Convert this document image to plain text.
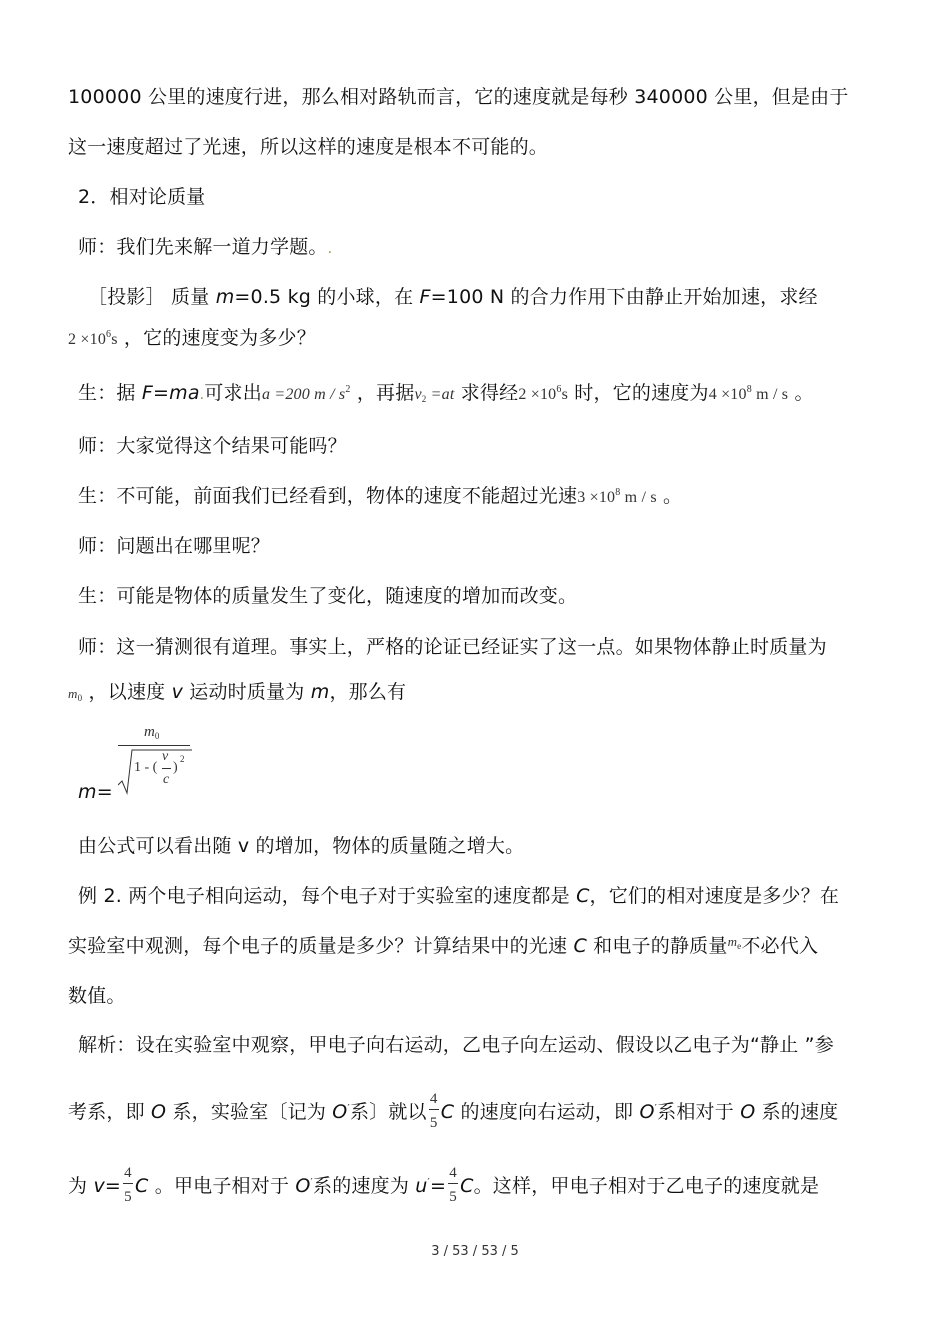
100000 公里的速度行进，那么相对路轨而言，它的速度就是每秒 340000 公里，但是由于
这一速度超过了光速，所以这样的速度是根本不可能的。
2．相对论质量
师：我们先来解一道力学题。.
［投影］ 质量 m=0.5 kg 的小球，在 F=100 N 的合力作用下由静止开始加速，求经
$2 \times 10^6s$ ，它的速度变为多少？
生：据 F=ma.可求出a =200 m / $s^2$ ，再据$v_2 =at$ 求得经$2 \times 10^6s$ 时，它的速度为$4 \times 10^8$ m / s 。
师：大家觉得这个结果可能吗？
生：不可能，前面我们已经看到，物体的速度不能超过光速$3 \times 10^8$ m / s 。
师：问题出在哪里呢？
生：可能是物体的质量发生了变化，随速度的增加而改变。
师：这一猜测很有道理。事实上，严格的论证已经证实了这一点。如果物体静止时质量为
$m_0$ ，以速度 v 运动时质量为 m，那么有
m=
$m_0$
1 - (
v
c
)
2
由公式可以看出随 v 的增加，物体的质量随之增大。
例 2. 两个电子相向运动，每个电子对于实验室的速度都是 C，它们的相对速度是多少？在
实验室中观测，每个电子的质量是多少？计算结果中的光速 C 和电子的静质量$^{m_e}$不必代入
数值。
解析：设在实验室中观察，甲电子向右运动，乙电子向左运动、假设以乙电子为“静止 ”参
考系，即 O 系，实验室〔记为 O′系〕就以
$\frac{4}{5}$
C 的速度向右运动，即 O′系相对于 O 系的速度
为 v=
$\frac{4}{5}$
C 。甲电子相对于 O′系的速度为 u′=
$\frac{4}{5}$
C。这样，甲电子相对于乙电子的速度就是
3 / 53 / 53 / 5
